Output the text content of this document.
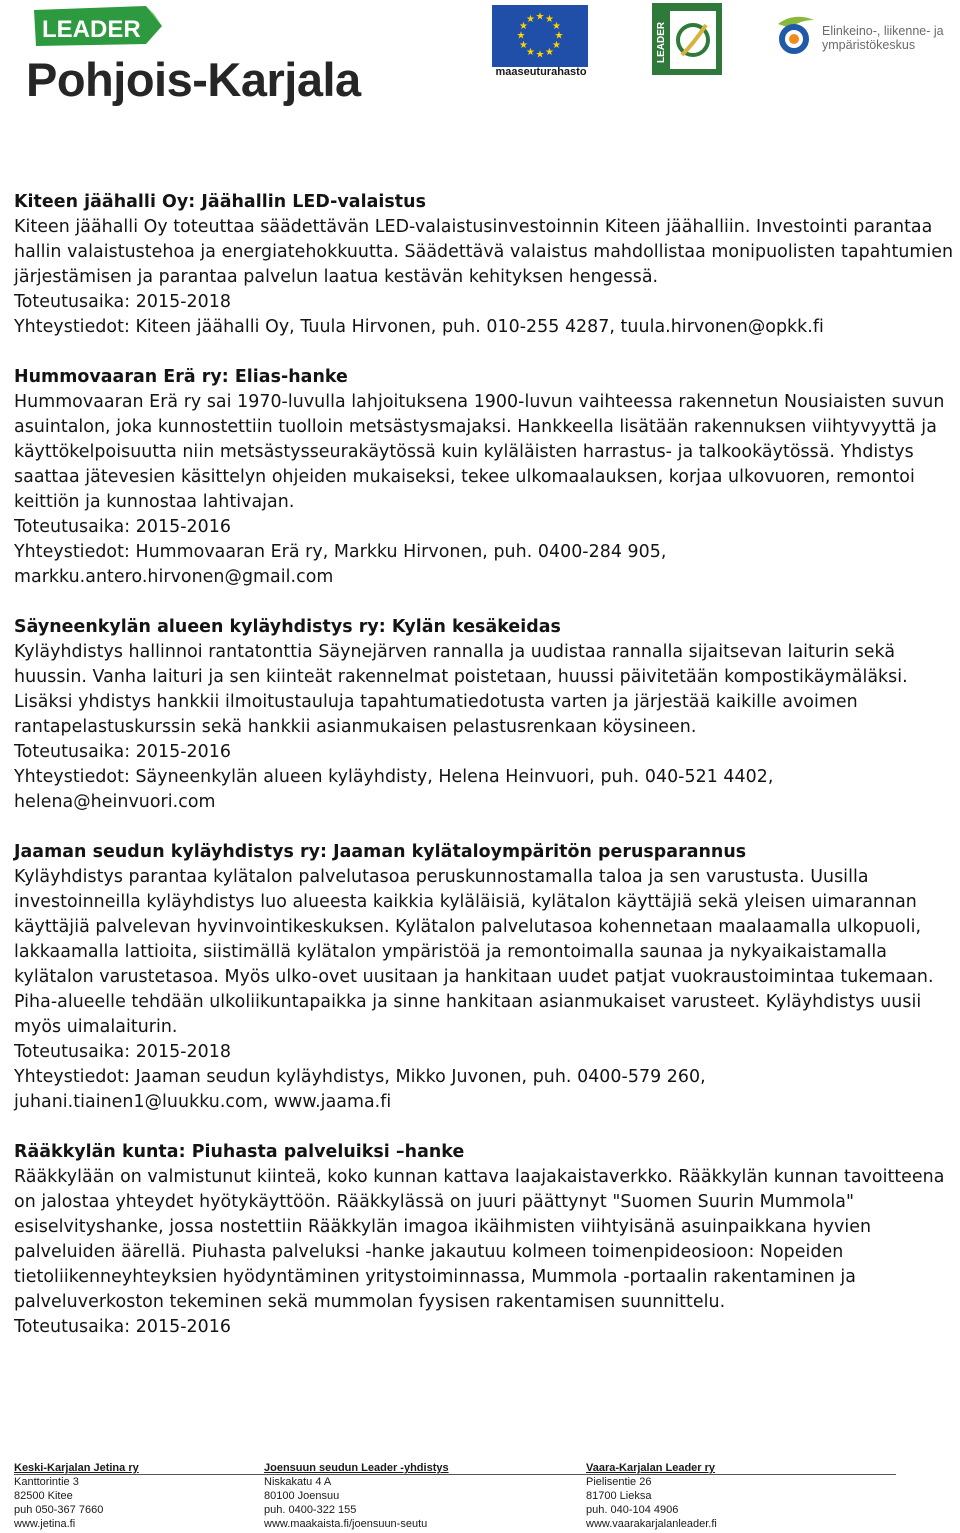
LEADER
Pohjois-Karjala
★ ★
★
★
★
★
★
★
★
★
★
★
maaseuturahasto
LEADER	Elinkeino-, liikenne- ja
ympäristökeskus

Kiteen jäähalli Oy: Jäähallin LED-valaistus

Kiteen jäähalli Oy toteuttaa säädettävän LED-valaistusinvestoinnin Kiteen jäähalliin. Investointi parantaa hallin valaistustehoa ja energiatehokkuutta. Säädettävä valaistus mahdollistaa monipuolisten tapahtumien järjestämisen ja parantaa palvelun laatua kestävän kehityksen hengessä.

Toteutusaika: 2015-2018

Yhteystiedot: Kiteen jäähalli Oy, Tuula Hirvonen, puh. 010-255 4287, tuula.hirvonen@opkk.fi

Hummovaaran Erä ry: Elias-hanke

Hummovaaran Erä ry sai 1970-luvulla lahjoituksena 1900-luvun vaihteessa rakennetun Nousiaisten suvun asuintalon, joka kunnostettiin tuolloin metsästysmajaksi. Hankkeella lisätään rakennuksen viihtyvyyttä ja käyttökelpoisuutta niin metsästysseurakäytössä kuin kyläläisten harrastus- ja talkookäytössä. Yhdistys saattaa jätevesien käsittelyn ohjeiden mukaiseksi, tekee ulkomaalauksen, korjaa ulkovuoren, remontoi keittiön ja kunnostaa lahtivajan.

Toteutusaika: 2015-2016

Yhteystiedot: Hummovaaran Erä ry, Markku Hirvonen, puh. 0400-284 905, markku.antero.hirvonen@gmail.com

Säyneenkylän alueen kyläyhdistys ry: Kylän kesäkeidas

Kyläyhdistys hallinnoi rantatonttia Säynejärven rannalla ja uudistaa rannalla sijaitsevan laiturin sekä huussin. Vanha laituri ja sen kiinteät rakennelmat poistetaan, huussi päivitetään kompostikäymäläksi. Lisäksi yhdistys hankkii ilmoitustauluja tapahtumatiedotusta varten ja järjestää kaikille avoimen rantapelastuskurssin sekä hankkii asianmukaisen pelastusrenkaan köysineen.

Toteutusaika: 2015-2016

Yhteystiedot: Säyneenkylän alueen kyläyhdisty, Helena Heinvuori, puh. 040-521 4402, helena@heinvuori.com

Jaaman seudun kyläyhdistys ry: Jaaman kylätaloympäritön perusparannus

Kyläyhdistys parantaa kylätalon palvelutasoa peruskunnostamalla taloa ja sen varustusta. Uusilla investoinneilla kyläyhdistys luo alueesta kaikkia kyläläisiä, kylätalon käyttäjiä sekä yleisen uimarannan käyttäjiä palvelevan hyvinvointikeskuksen. Kylätalon palvelutasoa kohennetaan maalaamalla ulkopuoli, lakkaamalla lattioita, siistimällä kylätalon ympäristöä ja remontoimalla saunaa ja nykyaikaistamalla kylätalon varustetasoa. Myös ulko-ovet uusitaan ja hankitaan uudet patjat vuokraustoimintaa tukemaan. Piha-alueelle tehdään ulkoliikuntapaikka ja sinne hankitaan asianmukaiset varusteet. Kyläyhdistys uusii myös uimalaiturin.

Toteutusaika: 2015-2018

Yhteystiedot: Jaaman seudun kyläyhdistys, Mikko Juvonen, puh. 0400-579 260, juhani.tiainen1@luukku.com, www.jaama.fi

Rääkkylän kunta: Piuhasta palveluiksi –hanke

Rääkkylään on valmistunut kiinteä, koko kunnan kattava laajakaistaverkko. Rääkkylän kunnan tavoitteena on jalostaa yhteydet hyötykäyttöön. Rääkkylässä on juuri päättynyt "Suomen Suurin Mummola" esiselvityshanke, jossa nostettiin Rääkkylän imagoa ikäihmisten viihtyisänä asuinpaikkana hyvien palveluiden äärellä. Piuhasta palveluksi -hanke jakautuu kolmeen toimenpideosioon: Nopeiden tietoliikenneyhteyksien hyödyntäminen yritystoiminnassa, Mummola -portaalin rakentaminen ja palveluverkoston tekeminen sekä mummolan fyysisen rakentamisen suunnittelu.

Toteutusaika: 2015-2016

Keski-Karjalan Jetina ry
Kanttorintie 3
82500 Kitee
puh 050-367 7660
www.jetina.fi
Joensuun seudun Leader -yhdistys
Niskakatu 4 A
80100 Joensuu
puh. 0400-322 155
www.maakaista.fi/joensuun-seutu
Vaara-Karjalan Leader ry
Pielisentie 26
81700 Lieksa
puh. 040-104 4906
www.vaarakarjalanleader.fi
